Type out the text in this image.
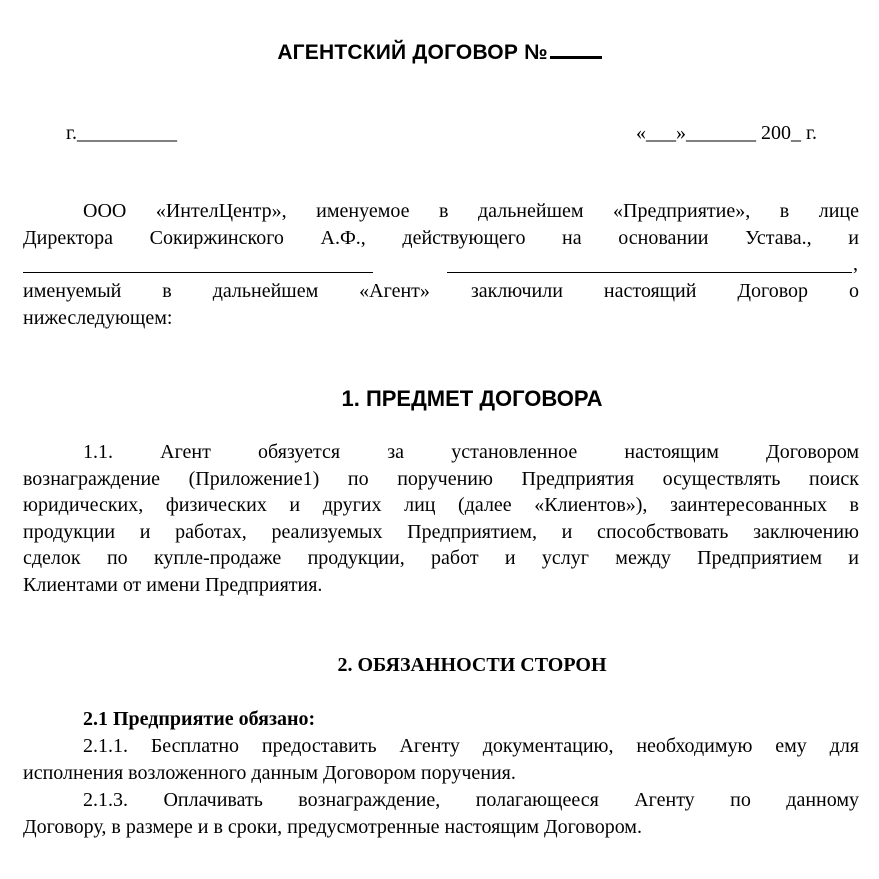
АГЕНТСКИЙ ДОГОВОР №
г.__________	«___»_______ 200_ г.
ООО «ИнтелЦентр», именуемое в дальнейшем «Предприятие», в лице
Директора Сокиржинского А.Ф., действующего на основании Устава., и
,
именуемый в дальнейшем «Агент» заключили настоящий Договор о
нижеследующем:
1. ПРЕДМЕТ ДОГОВОРА
1.1. Агент обязуется за установленное настоящим Договором
вознаграждение (Приложение1) по поручению Предприятия осуществлять поиск
юридических, физических и других лиц (далее «Клиентов»), заинтересованных в
продукции и работах, реализуемых Предприятием, и способствовать заключению
сделок по купле-продаже продукции, работ и услуг между Предприятием и
Клиентами от имени Предприятия.
2. ОБЯЗАННОСТИ СТОРОН
2.1 Предприятие обязано:
2.1.1. Бесплатно предоставить Агенту документацию, необходимую ему для
исполнения возложенного данным Договором поручения.
2.1.3. Оплачивать вознаграждение, полагающееся Агенту по данному
Договору, в размере и в сроки, предусмотренные настоящим Договором.
